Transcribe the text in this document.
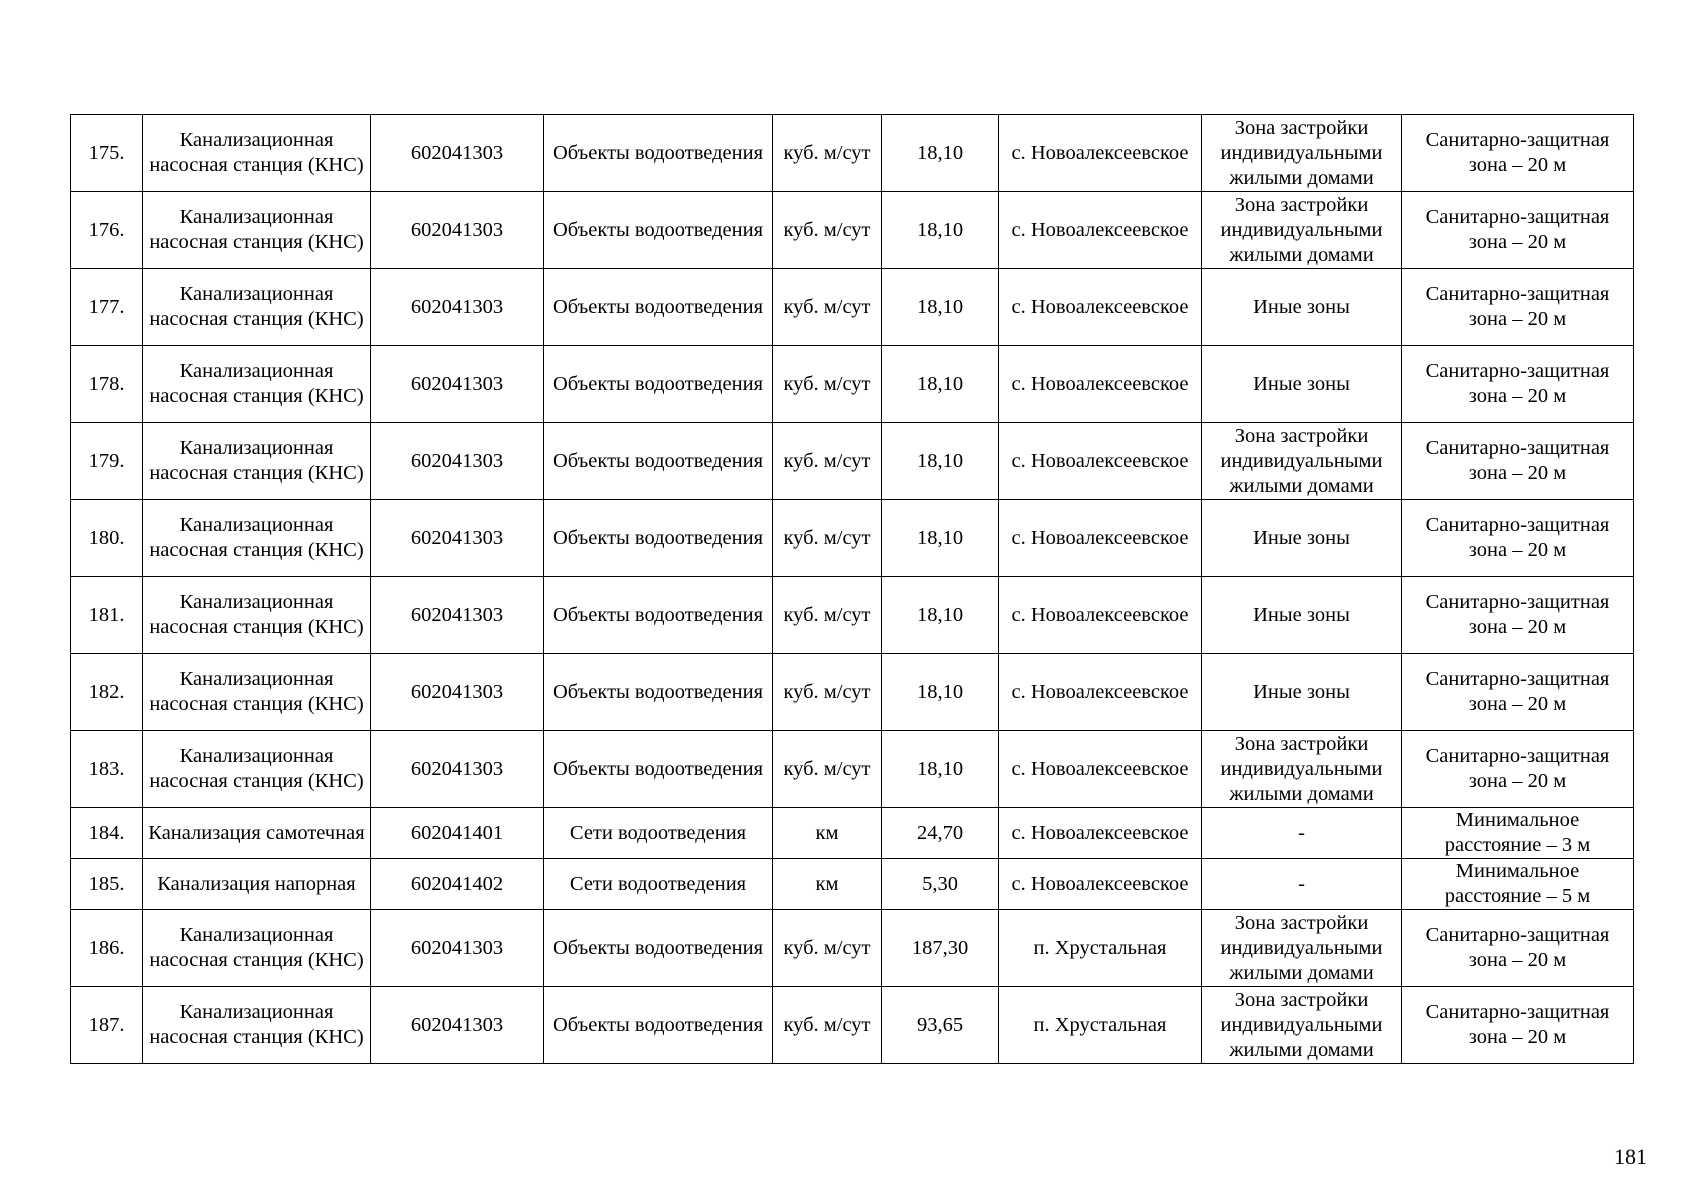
175.	Канализационная насосная станция (КНС)	602041303	Объекты водоотведения	куб. м/сут	18,10	с. Новоалексеевское	Зона застройки индивидуальными жилыми домами	Санитарно-защитная зона – 20 м
176.	Канализационная насосная станция (КНС)	602041303	Объекты водоотведения	куб. м/сут	18,10	с. Новоалексеевское	Зона застройки индивидуальными жилыми домами	Санитарно-защитная зона – 20 м
177.	Канализационная насосная станция (КНС)	602041303	Объекты водоотведения	куб. м/сут	18,10	с. Новоалексеевское	Иные зоны	Санитарно-защитная зона – 20 м
178.	Канализационная насосная станция (КНС)	602041303	Объекты водоотведения	куб. м/сут	18,10	с. Новоалексеевское	Иные зоны	Санитарно-защитная зона – 20 м
179.	Канализационная насосная станция (КНС)	602041303	Объекты водоотведения	куб. м/сут	18,10	с. Новоалексеевское	Зона застройки индивидуальными жилыми домами	Санитарно-защитная зона – 20 м
180.	Канализационная насосная станция (КНС)	602041303	Объекты водоотведения	куб. м/сут	18,10	с. Новоалексеевское	Иные зоны	Санитарно-защитная зона – 20 м
181.	Канализационная насосная станция (КНС)	602041303	Объекты водоотведения	куб. м/сут	18,10	с. Новоалексеевское	Иные зоны	Санитарно-защитная зона – 20 м
182.	Канализационная насосная станция (КНС)	602041303	Объекты водоотведения	куб. м/сут	18,10	с. Новоалексеевское	Иные зоны	Санитарно-защитная зона – 20 м
183.	Канализационная насосная станция (КНС)	602041303	Объекты водоотведения	куб. м/сут	18,10	с. Новоалексеевское	Зона застройки индивидуальными жилыми домами	Санитарно-защитная зона – 20 м
184.	Канализация самотечная	602041401	Сети водоотведения	км	24,70	с. Новоалексеевское	-	Минимальное расстояние – 3 м
185.	Канализация напорная	602041402	Сети водоотведения	км	5,30	с. Новоалексеевское	-	Минимальное расстояние – 5 м
186.	Канализационная насосная станция (КНС)	602041303	Объекты водоотведения	куб. м/сут	187,30	п. Хрустальная	Зона застройки индивидуальными жилыми домами	Санитарно-защитная зона – 20 м
187.	Канализационная насосная станция (КНС)	602041303	Объекты водоотведения	куб. м/сут	93,65	п. Хрустальная	Зона застройки индивидуальными жилыми домами	Санитарно-защитная зона – 20 м
181
